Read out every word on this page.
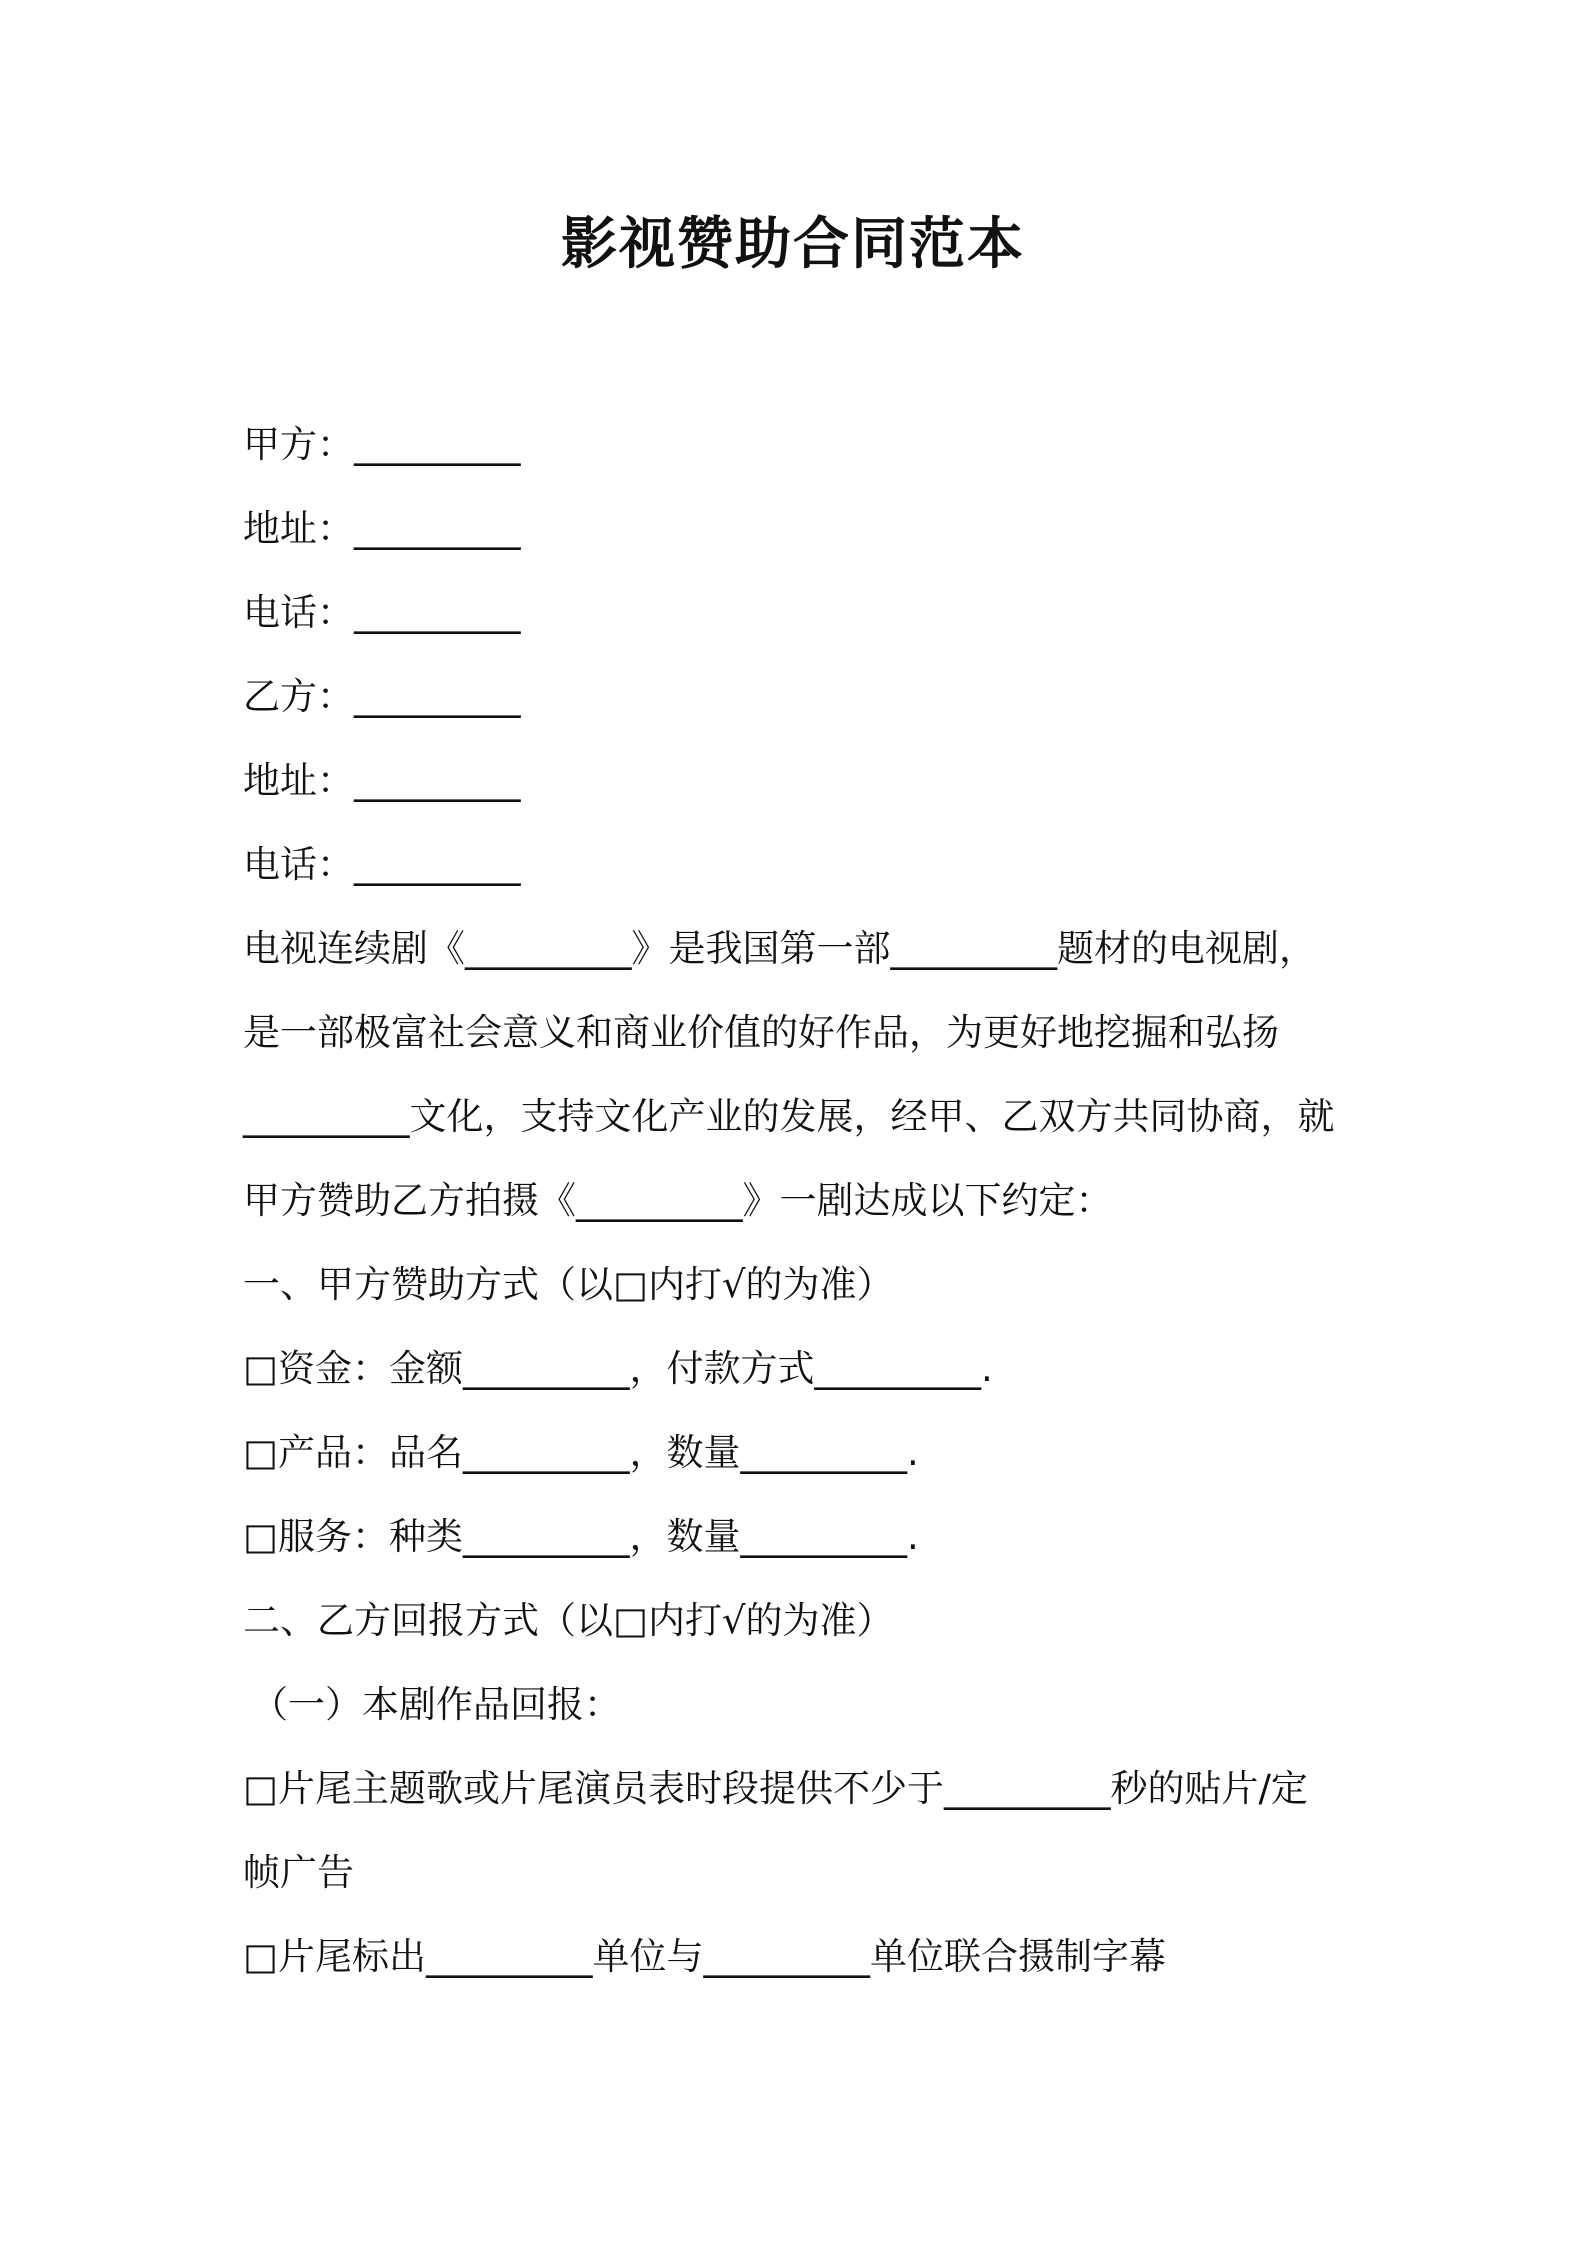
影视赞助合同范本

甲方：_________

地址：_________

电话：_________

乙方：_________

地址：_________

电话：_________

电视连续剧《_________》是我国第一部_________题材的电视剧，

是一部极富社会意义和商业价值的好作品，为更好地挖掘和弘扬

_________文化，支持文化产业的发展，经甲、乙双方共同协商，就

甲方赞助乙方拍摄《_________》一剧达成以下约定：

一、甲方赞助方式（以□内打√的为准）

□资金：金额_________，付款方式_________.

□产品：品名_________，数量_________.

□服务：种类_________，数量_________.

二、乙方回报方式（以□内打√的为准）

（一）本剧作品回报：

□片尾主题歌或片尾演员表时段提供不少于_________秒的贴片/定

帧广告

□片尾标出_________单位与_________单位联合摄制字幕
